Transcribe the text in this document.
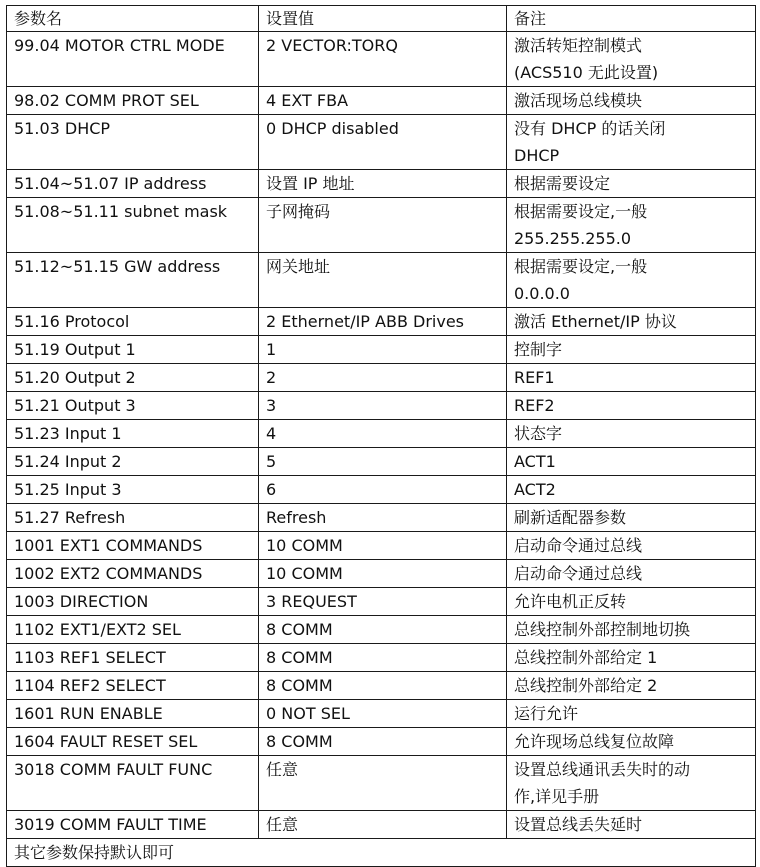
参数名	设置值	备注
99.04 MOTOR CTRL MODE	2 VECTOR:TORQ	激活转矩控制模式
(ACS510 无此设置)

98.02 COMM PROT SEL	4 EXT FBA	激活现场总线模块

51.03 DHCP	0 DHCP disabled	没有 DHCP 的话关闭
DHCP

51.04~51.07 IP address	设置 IP 地址	根据需要设定

51.08~51.11 subnet mask	子网掩码	根据需要设定,一般
255.255.255.0

51.12~51.15 GW address	网关地址	根据需要设定,一般
0.0.0.0

51.16 Protocol	2 Ethernet/IP ABB Drives	激活 Ethernet/IP 协议

51.19 Output 1	1	控制字

51.20 Output 2	2	REF1

51.21 Output 3	3	REF2

51.23 Input 1	4	状态字

51.24 Input 2	5	ACT1

51.25 Input 3	6	ACT2

51.27 Refresh	Refresh	刷新适配器参数

1001 EXT1 COMMANDS	10 COMM	启动命令通过总线

1002 EXT2 COMMANDS	10 COMM	启动命令通过总线

1003 DIRECTION	3 REQUEST	允许电机正反转

1102 EXT1/EXT2 SEL	8 COMM	总线控制外部控制地切换

1103 REF1 SELECT	8 COMM	总线控制外部给定 1

1104 REF2 SELECT	8 COMM	总线控制外部给定 2

1601 RUN ENABLE	0 NOT SEL	运行允许

1604 FAULT RESET SEL	8 COMM	允许现场总线复位故障

3018 COMM FAULT FUNC	任意	设置总线通讯丢失时的动
作,详见手册

3019 COMM FAULT TIME	任意	设置总线丢失延时

其它参数保持默认即可		
